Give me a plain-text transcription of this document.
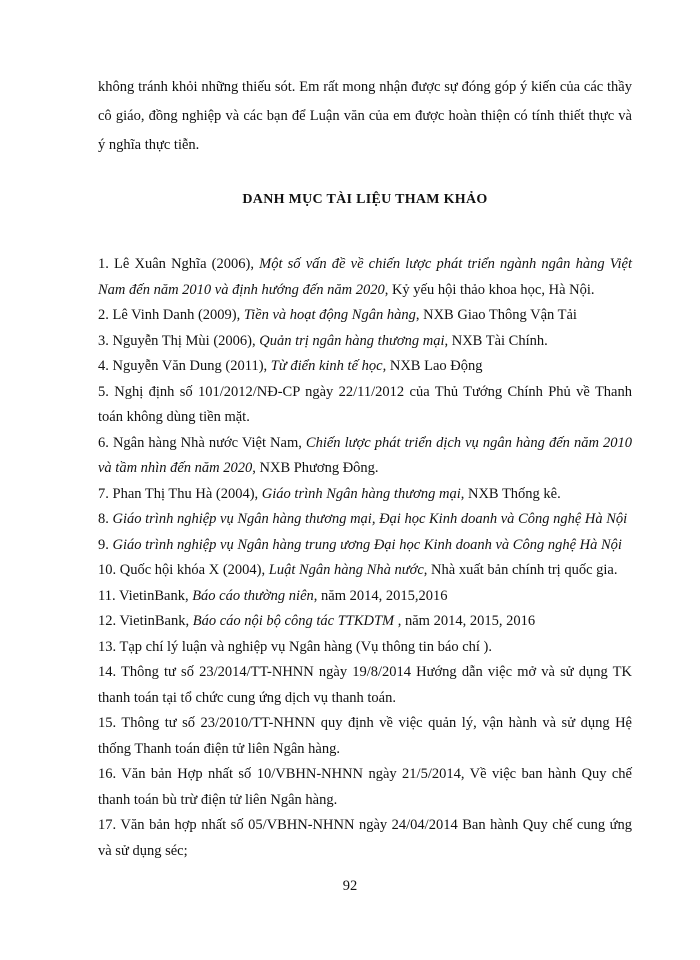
không tránh khỏi những thiếu sót. Em rất mong nhận được sự đóng góp ý kiến của các thầy cô giáo, đồng nghiệp và các bạn để Luận văn của em được hoàn thiện có tính thiết thực và ý nghĩa thực tiễn.

DANH MỤC TÀI LIỆU THAM KHẢO
1. Lê Xuân Nghĩa (2006), Một số vấn đề về chiến lược phát triển ngành ngân hàng Việt Nam đến năm 2010 và định hướng đến năm 2020, Kỷ yếu hội thảo khoa học, Hà Nội.
2. Lê Vinh Danh (2009), Tiền và hoạt động Ngân hàng, NXB Giao Thông Vận Tải
3. Nguyễn Thị Mùi (2006), Quản trị ngân hàng thương mại, NXB Tài Chính.
4. Nguyễn Văn Dung (2011), Từ điển kinh tế học, NXB Lao Động
5. Nghị định số 101/2012/NĐ-CP ngày 22/11/2012 của Thủ Tướng Chính Phủ về Thanh toán không dùng tiền mặt.
6. Ngân hàng Nhà nước Việt Nam, Chiến lược phát triển dịch vụ ngân hàng đến năm 2010 và tầm nhìn đến năm 2020, NXB Phương Đông.
7. Phan Thị Thu Hà (2004), Giáo trình Ngân hàng thương mại, NXB Thống kê.
8. Giáo trình nghiệp vụ Ngân hàng thương mại, Đại học Kinh doanh và Công nghệ Hà Nội
9. Giáo trình nghiệp vụ Ngân hàng trung ương Đại học Kinh doanh và Công nghệ Hà Nội
10. Quốc hội khóa X (2004), Luật Ngân hàng Nhà nước, Nhà xuất bản chính trị quốc gia.
11. VietinBank, Báo cáo thường niên, năm 2014, 2015,2016
12. VietinBank, Báo cáo nội bộ công tác TTKDTM , năm 2014, 2015, 2016
13. Tạp chí lý luận và nghiệp vụ Ngân hàng (Vụ thông tin báo chí ).
14. Thông tư số 23/2014/TT-NHNN ngày 19/8/2014 Hướng dẫn việc mở và sử dụng TK thanh toán tại tổ chức cung ứng dịch vụ thanh toán.
15. Thông tư số 23/2010/TT-NHNN quy định về việc quản lý, vận hành và sử dụng Hệ thống Thanh toán điện tử liên Ngân hàng.
16. Văn bản Hợp nhất số 10/VBHN-NHNN ngày 21/5/2014, Về việc ban hành Quy chế thanh toán bù trừ điện tử liên Ngân hàng.
17. Văn bản hợp nhất số 05/VBHN-NHNN ngày 24/04/2014 Ban hành Quy chế cung ứng và sử dụng séc;
92
